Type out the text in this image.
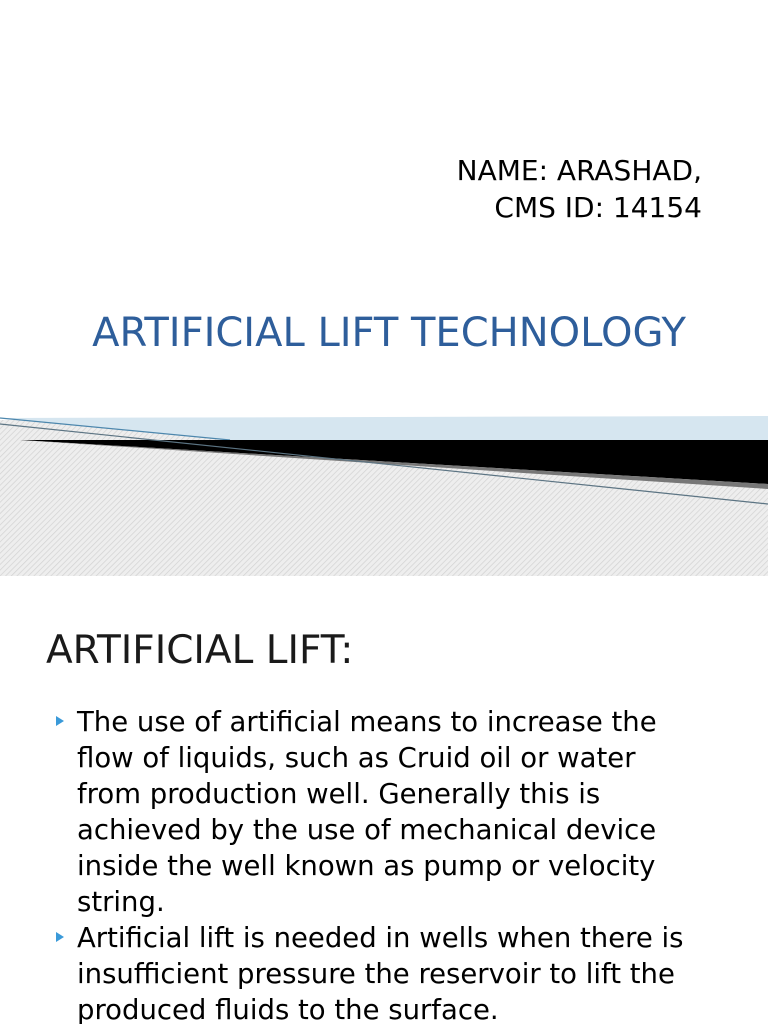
NAME: ARASHAD,
CMS ID: 14154
ARTIFICIAL LIFT TECHNOLOGY
ARTIFICIAL LIFT:
The use of artificial means to increase the
flow of liquids, such as Cruid oil or water
from production well. Generally this is
achieved by the use of mechanical device
inside the well known as pump or velocity
string.
Artificial lift is needed in wells when there is
insufficient pressure the reservoir to lift the
produced fluids to the surface.
